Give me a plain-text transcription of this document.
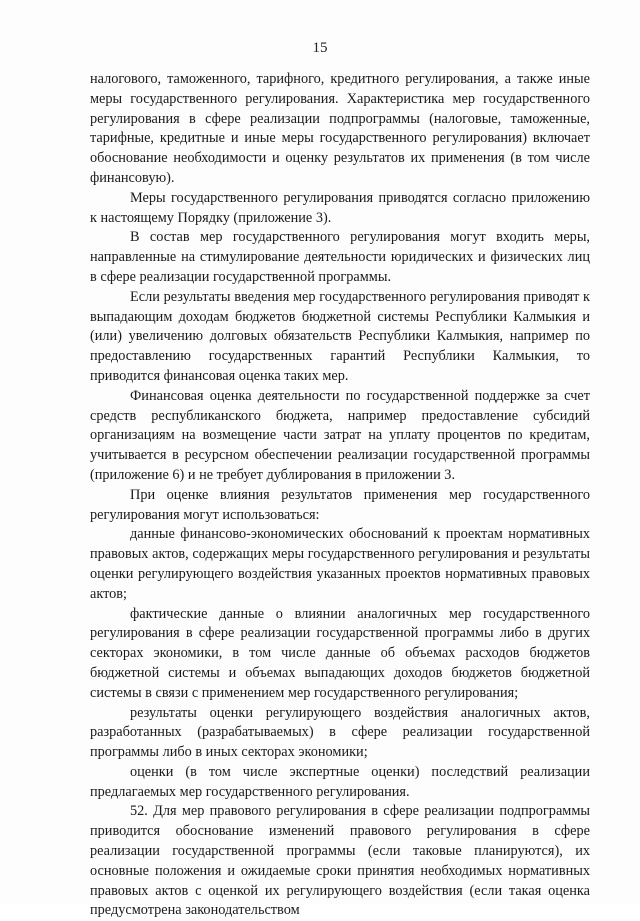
15

налогового, таможенного, тарифного, кредитного регулирования, а также иные меры государственного регулирования. Характеристика мер государственного регулирования в сфере реализации подпрограммы (налоговые, таможенные, тарифные, кредитные и иные меры государственного регулирования) включает обоснование необходимости и оценку результатов их применения (в том числе финансовую).

Меры государственного регулирования приводятся согласно приложению к настоящему Порядку (приложение 3).

В состав мер государственного регулирования могут входить меры, направленные на стимулирование деятельности юридических и физических лиц в сфере реализации государственной программы.

Если результаты введения мер государственного регулирования приводят к выпадающим доходам бюджетов бюджетной системы Республики Калмыкия и (или) увеличению долговых обязательств Республики Калмыкия, например по предоставлению государственных гарантий Республики Калмыкия, то приводится финансовая оценка таких мер.

Финансовая оценка деятельности по государственной поддержке за счет средств республиканского бюджета, например предоставление субсидий организациям на возмещение части затрат на уплату процентов по кредитам, учитывается в ресурсном обеспечении реализации государственной программы (приложение 6) и не требует дублирования в приложении 3.

При оценке влияния результатов применения мер государственного регулирования могут использоваться:

данные финансово-экономических обоснований к проектам нормативных правовых актов, содержащих меры государственного регулирования и результаты оценки регулирующего воздействия указанных проектов нормативных правовых актов;

фактические данные о влиянии аналогичных мер государственного регулирования в сфере реализации государственной программы либо в других секторах экономики, в том числе данные об объемах расходов бюджетов бюджетной системы и объемах выпадающих доходов бюджетов бюджетной системы в связи с применением мер государственного регулирования;

результаты оценки регулирующего воздействия аналогичных актов, разработанных (разрабатываемых) в сфере реализации государственной программы либо в иных секторах экономики;

оценки (в том числе экспертные оценки) последствий реализации предлагаемых мер государственного регулирования.

52. Для мер правового регулирования в сфере реализации подпрограммы приводится обоснование изменений правового регулирования в сфере реализации государственной программы (если таковые планируются), их основные положения и ожидаемые сроки принятия необходимых нормативных правовых актов с оценкой их регулирующего воздействия (если такая оценка предусмотрена законодательством
